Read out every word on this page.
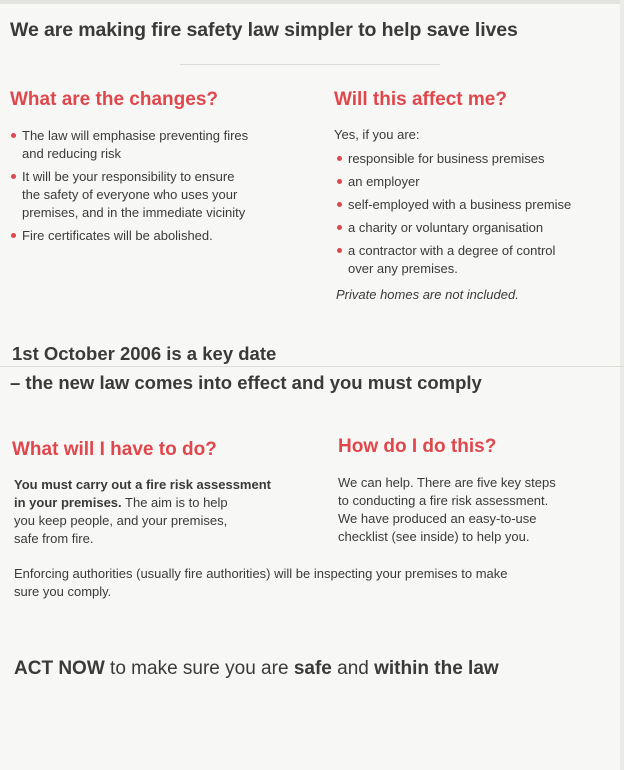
We are making fire safety law simpler to help save lives
What are the changes?
The law will emphasise preventing fires
and reducing risk
It will be your responsibility to ensure
the safety of everyone who uses your
premises, and in the immediate vicinity
Fire certificates will be abolished.
Will this affect me?

Yes, if you are:

responsible for business premises
an employer
self-employed with a business premise
a charity or voluntary organisation
a contractor with a degree of control
over any premises.

Private homes are not included.

1st October 2006 is a key date
– the new law comes into effect and you must comply
What will I have to do?

You must carry out a fire risk assessment
in your premises. The aim is to help
you keep people, and your premises,
safe from fire.

How do I do this?

We can help. There are five key steps
to conducting a fire risk assessment.
We have produced an easy-to-use
checklist (see inside) to help you.

Enforcing authorities (usually fire authorities) will be inspecting your premises to make
sure you comply.

ACT NOW to make sure you are safe and within the law
